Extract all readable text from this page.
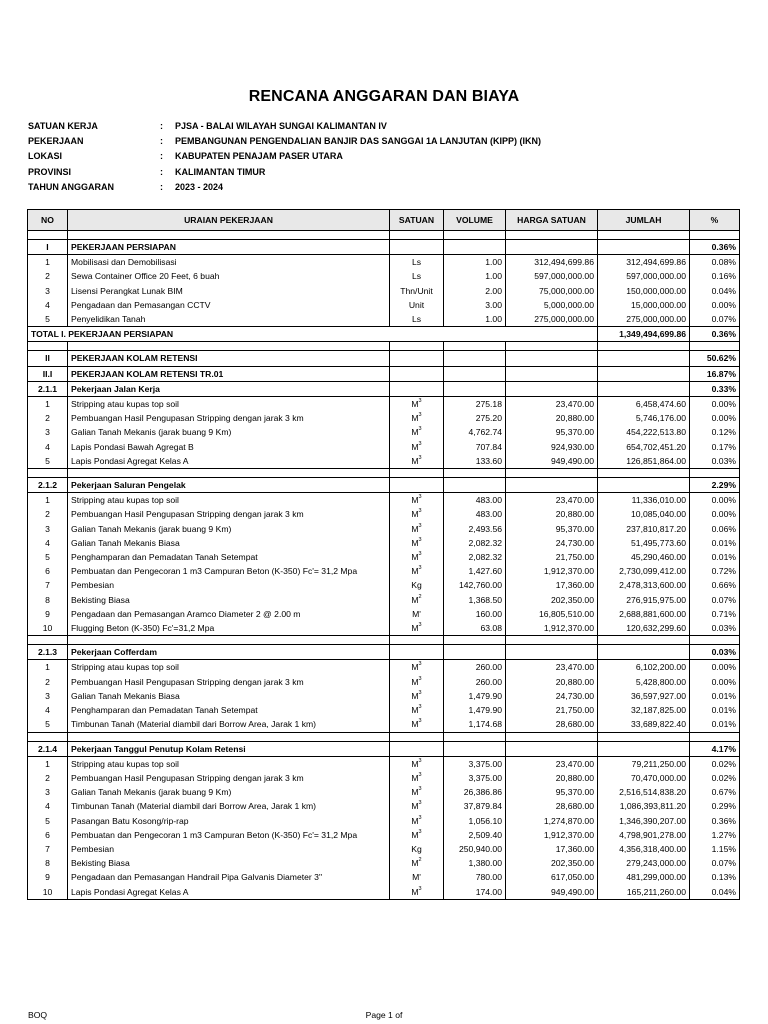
RENCANA ANGGARAN DAN BIAYA
SATUAN KERJA	: PJSA - BALAI WILAYAH SUNGAI KALIMANTAN IV
PEKERJAAN	: PEMBANGUNAN PENGENDALIAN BANJIR DAS SANGGAI 1A LANJUTAN (KIPP) (IKN)
LOKASI	: KABUPATEN PENAJAM PASER UTARA
PROVINSI	: KALIMANTAN TIMUR
TAHUN ANGGARAN	: 2023 - 2024
NO	URAIAN PEKERJAAN	SATUAN	VOLUME	HARGA SATUAN	JUMLAH	%

I	PEKERJAAN PERSIAPAN					0.36%
1	Mobilisasi dan Demobilisasi	Ls	1.00	312,494,699.86	312,494,699.86	0.08%
2	Sewa Container Office 20 Feet, 6 buah	Ls	1.00	597,000,000.00	597,000,000.00	0.16%
3	Lisensi Perangkat Lunak BIM	Thn/Unit	2.00	75,000,000.00	150,000,000.00	0.04%
4	Pengadaan dan Pemasangan CCTV	Unit	3.00	5,000,000.00	15,000,000.00	0.00%
5	Penyelidikan Tanah	Ls	1.00	275,000,000.00	275,000,000.00	0.07%
TOTAL I. PEKERJAAN PERSIAPAN					1,349,494,699.86	0.36%

II	PEKERJAAN KOLAM RETENSI					50.62%
II.I	PEKERJAAN KOLAM RETENSI TR.01					16.87%
2.1.1	Pekerjaan Jalan Kerja					0.33%
1	Stripping atau kupas top soil	$M^3$	275.18	23,470.00	6,458,474.60	0.00%
2	Pembuangan Hasil Pengupasan Stripping dengan jarak 3 km	$M^3$	275.20	20,880.00	5,746,176.00	0.00%
3	Galian Tanah Mekanis (jarak buang 9 Km)	$M^3$	4,762.74	95,370.00	454,222,513.80	0.12%
4	Lapis Pondasi Bawah Agregat B	$M^3$	707.84	924,930.00	654,702,451.20	0.17%
5	Lapis Pondasi Agregat Kelas A	$M^3$	133.60	949,490.00	126,851,864.00	0.03%

2.1.2	Pekerjaan Saluran Pengelak					2.29%
1	Stripping atau kupas top soil	$M^3$	483.00	23,470.00	11,336,010.00	0.00%
2	Pembuangan Hasil Pengupasan Stripping dengan jarak 3 km	$M^3$	483.00	20,880.00	10,085,040.00	0.00%
3	Galian Tanah Mekanis (jarak buang 9 Km)	$M^3$	2,493.56	95,370.00	237,810,817.20	0.06%
4	Galian Tanah Mekanis Biasa	$M^3$	2,082.32	24,730.00	51,495,773.60	0.01%
5	Penghamparan dan Pemadatan Tanah Setempat	$M^3$	2,082.32	21,750.00	45,290,460.00	0.01%
6	Pembuatan dan Pengecoran 1 m3 Campuran Beton (K-350) Fc'= 31,2 Mpa	$M^3$	1,427.60	1,912,370.00	2,730,099,412.00	0.72%
7	Pembesian	Kg	142,760.00	17,360.00	2,478,313,600.00	0.66%
8	Bekisting Biasa	$M^2$	1,368.50	202,350.00	276,915,975.00	0.07%
9	Pengadaan dan Pemasangan Aramco Diameter 2 @ 2.00 m	M'	160.00	16,805,510.00	2,688,881,600.00	0.71%
10	Flugging Beton (K-350) Fc'=31,2 Mpa	$M^3$	63.08	1,912,370.00	120,632,299.60	0.03%

2.1.3	Pekerjaan Cofferdam					0.03%
1	Stripping atau kupas top soil	$M^3$	260.00	23,470.00	6,102,200.00	0.00%
2	Pembuangan Hasil Pengupasan Stripping dengan jarak 3 km	$M^3$	260.00	20,880.00	5,428,800.00	0.00%
3	Galian Tanah Mekanis Biasa	$M^3$	1,479.90	24,730.00	36,597,927.00	0.01%
4	Penghamparan dan Pemadatan Tanah Setempat	$M^3$	1,479.90	21,750.00	32,187,825.00	0.01%
5	Timbunan Tanah (Material diambil dari Borrow Area, Jarak 1 km)	$M^3$	1,174.68	28,680.00	33,689,822.40	0.01%

2.1.4	Pekerjaan Tanggul Penutup Kolam Retensi					4.17%
1	Stripping atau kupas top soil	$M^3$	3,375.00	23,470.00	79,211,250.00	0.02%
2	Pembuangan Hasil Pengupasan Stripping dengan jarak 3 km	$M^3$	3,375.00	20,880.00	70,470,000.00	0.02%
3	Galian Tanah Mekanis (jarak buang 9 Km)	$M^3$	26,386.86	95,370.00	2,516,514,838.20	0.67%
4	Timbunan Tanah (Material diambil dari Borrow Area, Jarak 1 km)	$M^3$	37,879.84	28,680.00	1,086,393,811.20	0.29%
5	Pasangan Batu Kosong/rip-rap	$M^3$	1,056.10	1,274,870.00	1,346,390,207.00	0.36%
6	Pembuatan dan Pengecoran 1 m3 Campuran Beton (K-350) Fc'= 31,2 Mpa	$M^3$	2,509.40	1,912,370.00	4,798,901,278.00	1.27%
7	Pembesian	Kg	250,940.00	17,360.00	4,356,318,400.00	1.15%
8	Bekisting Biasa	$M^2$	1,380.00	202,350.00	279,243,000.00	0.07%
9	Pengadaan dan Pemasangan Handrail Pipa Galvanis Diameter 3"	M'	780.00	617,050.00	481,299,000.00	0.13%
10	Lapis Pondasi Agregat Kelas A	$M^3$	174.00	949,490.00	165,211,260.00	0.04%
BOQ	Page 1 of
